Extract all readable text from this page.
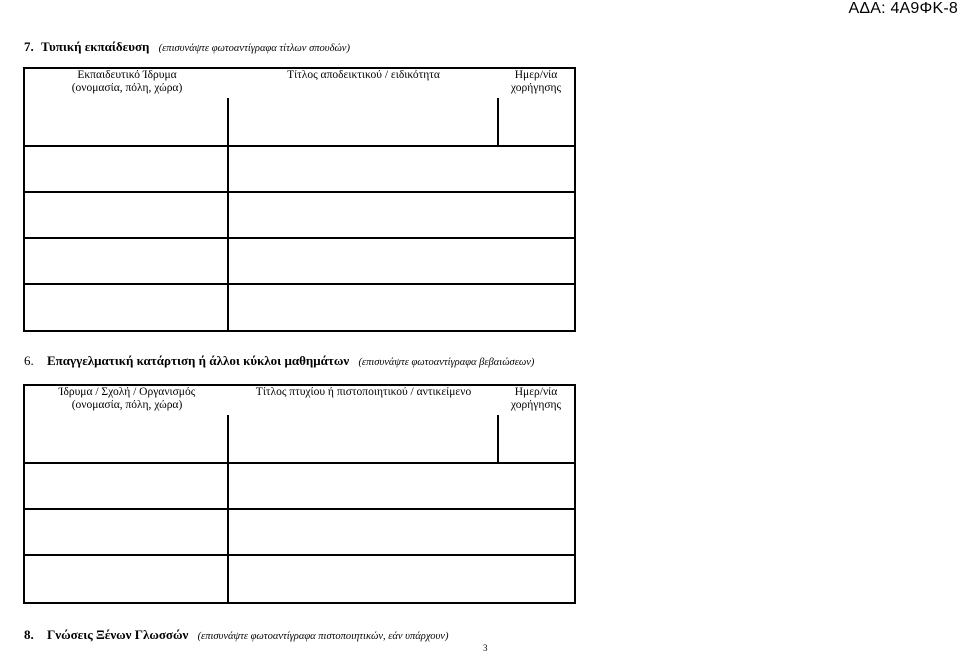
ΑΔΑ: 4Α9ΦΚ-8
7. Τυπική εκπαίδευση (επισυνάψτε φωτοαντίγραφα τίτλων σπουδών)
Εκπαιδευτικό Ίδρυμα
(ονομασία, πόλη, χώρα)
Τίτλος αποδεικτικού / ειδικότητα	Ημερ/νία
χορήγησης
6. Επαγγελματική κατάρτιση ή άλλοι κύκλοι μαθημάτων (επισυνάψτε φωτοαντίγραφα βεβαιώσεων)
Ίδρυμα / Σχολή / Οργανισμός
(ονομασία, πόλη, χώρα)
Τίτλος πτυχίου ή πιστοποιητικού / αντικείμενο	Ημερ/νία
χορήγησης
8. Γνώσεις Ξένων Γλωσσών (επισυνάψτε φωτοαντίγραφα πιστοποιητικών, εάν υπάρχουν)
3
